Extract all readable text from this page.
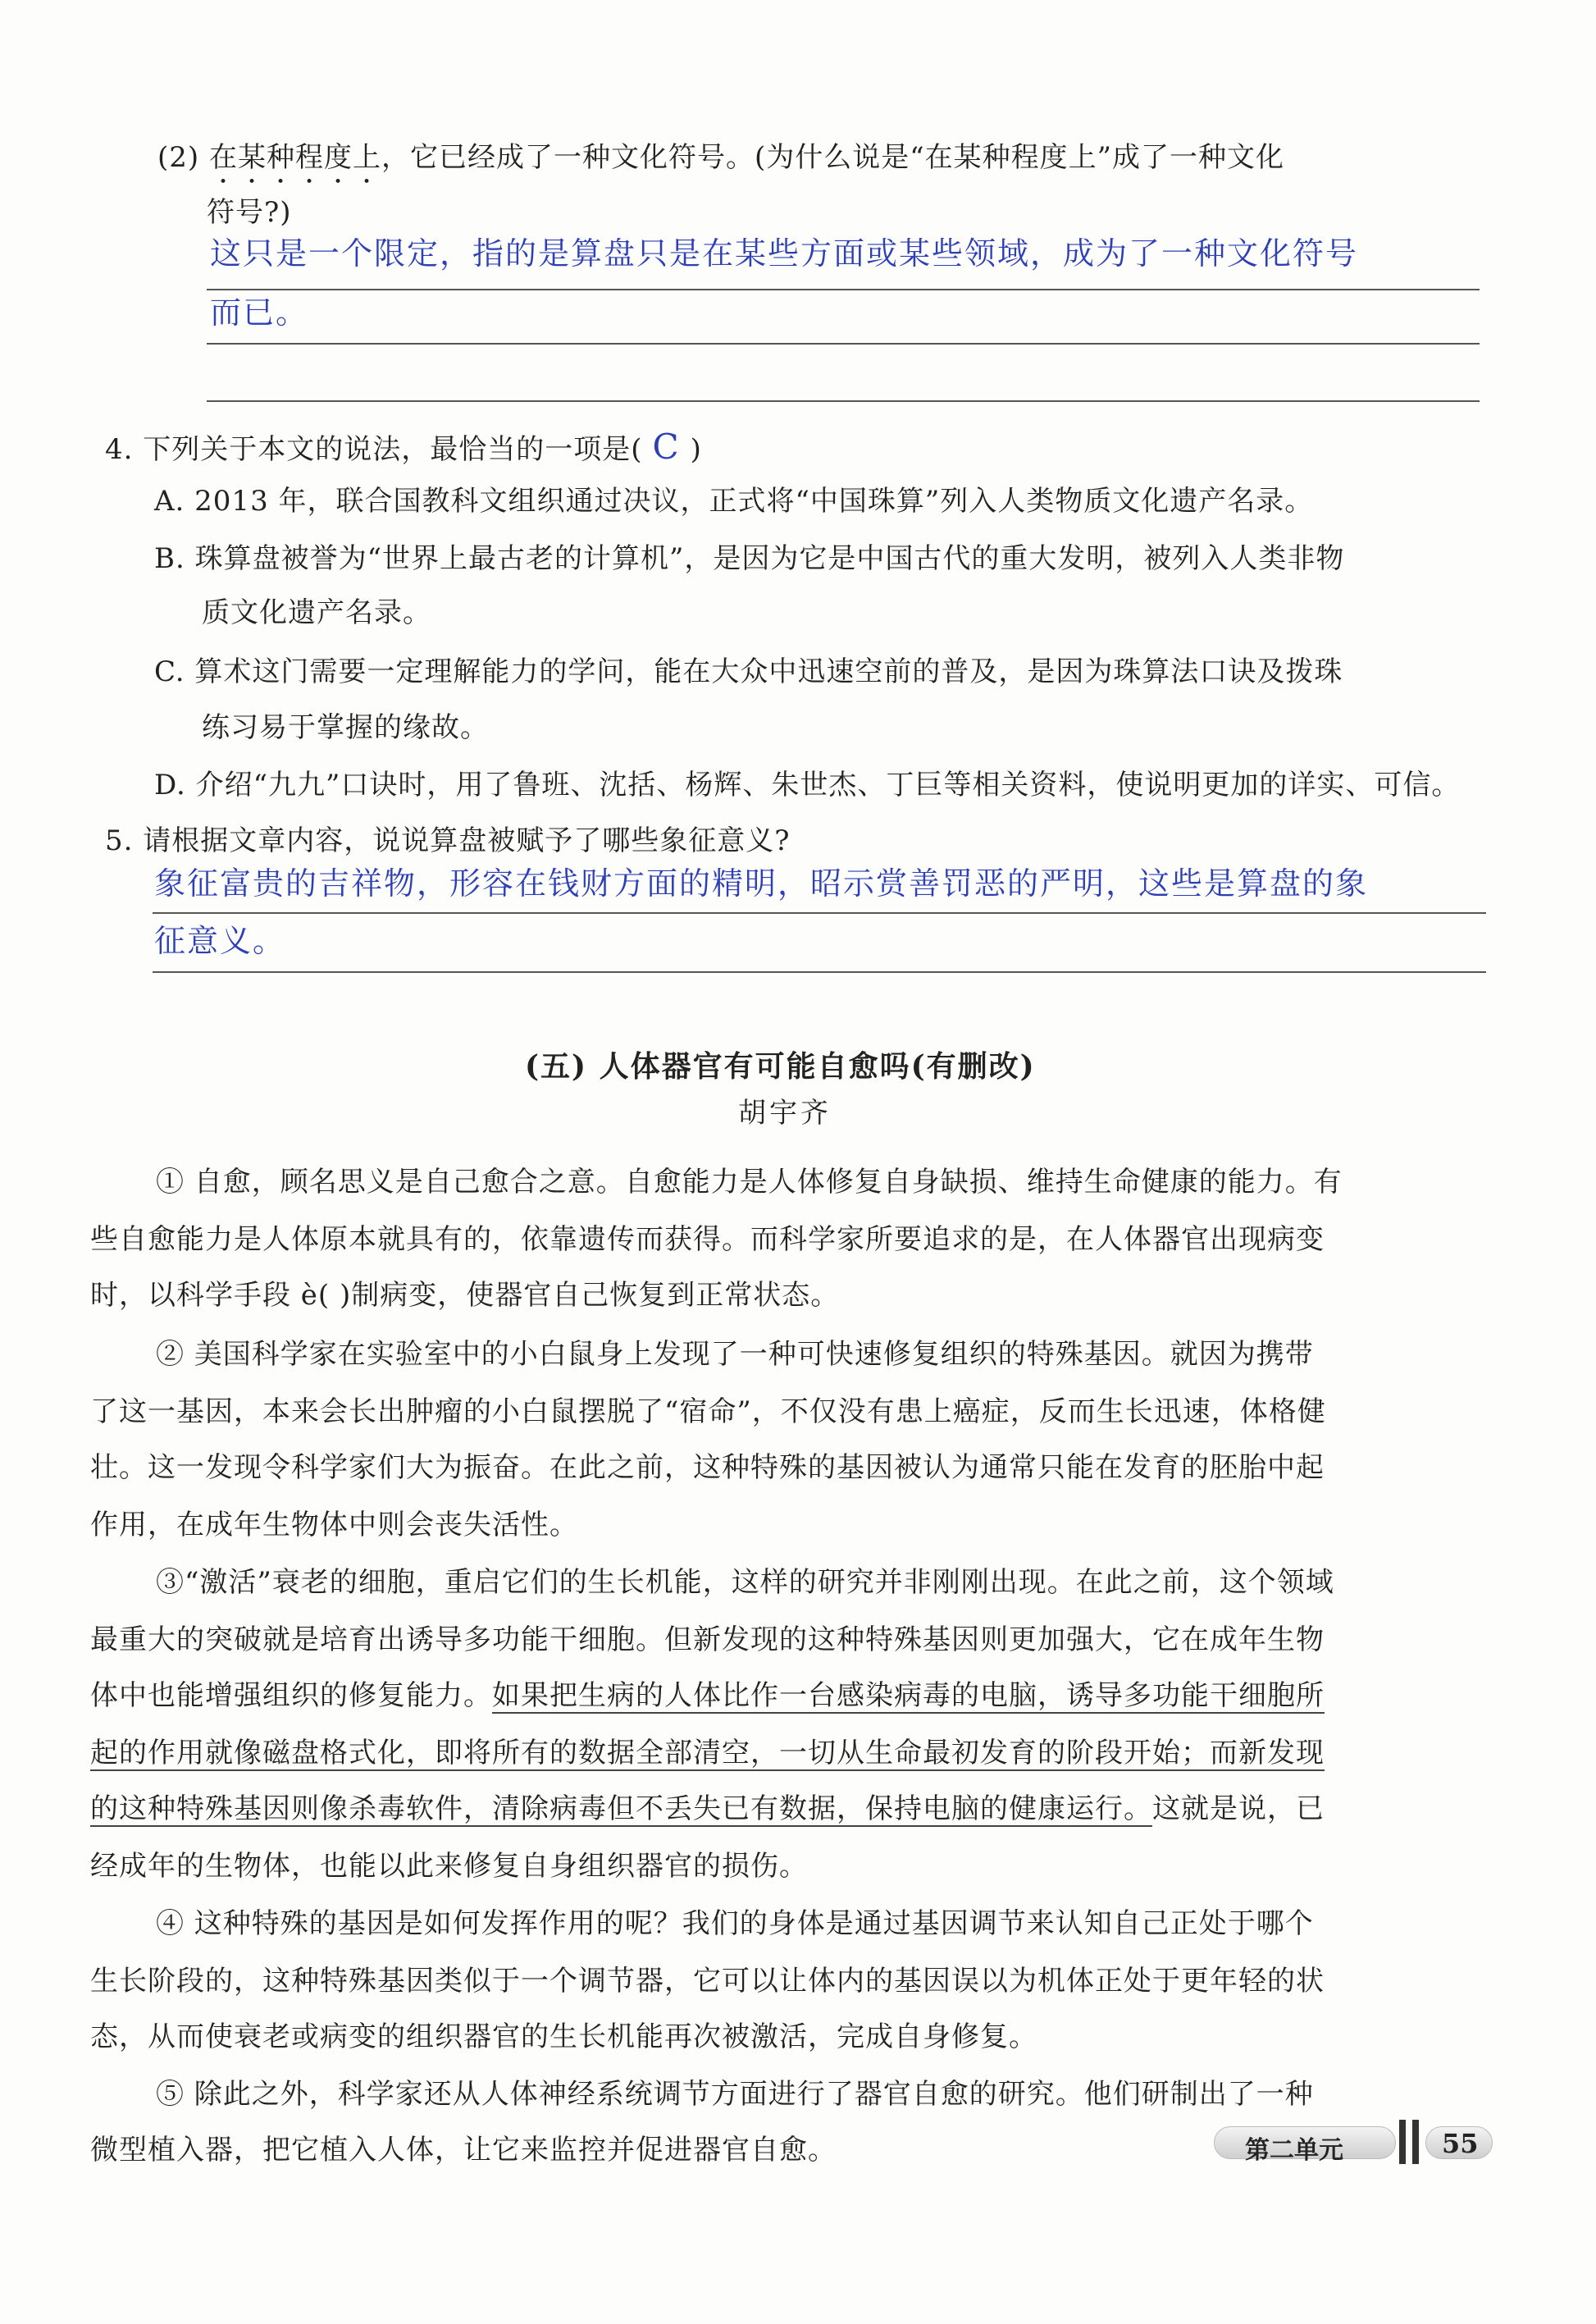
(2) 在某种程度上，它已经成了一种文化符号。(为什么说是“在某种程度上”成了一种文化
符号?)
这只是一个限定，指的是算盘只是在某些方面或某些领域，成为了一种文化符号
而已。
4. 下列关于本文的说法，最恰当的一项是( C )
A. 2013 年，联合国教科文组织通过决议，正式将“中国珠算”列入人类物质文化遗产名录。
B. 珠算盘被誉为“世界上最古老的计算机”，是因为它是中国古代的重大发明，被列入人类非物
质文化遗产名录。
C. 算术这门需要一定理解能力的学问，能在大众中迅速空前的普及，是因为珠算法口诀及拨珠
练习易于掌握的缘故。
D. 介绍“九九”口诀时，用了鲁班、沈括、杨辉、朱世杰、丁巨等相关资料，使说明更加的详实、可信。
5. 请根据文章内容，说说算盘被赋予了哪些象征意义?
象征富贵的吉祥物，形容在钱财方面的精明，昭示赏善罚恶的严明，这些是算盘的象
征意义。
(五) 人体器官有可能自愈吗(有删改)
胡宇齐
① 自愈，顾名思义是自己愈合之意。自愈能力是人体修复自身缺损、维持生命健康的能力。有
些自愈能力是人体原本就具有的，依靠遗传而获得。而科学家所要追求的是，在人体器官出现病变
时，以科学手段 è( )制病变，使器官自己恢复到正常状态。
② 美国科学家在实验室中的小白鼠身上发现了一种可快速修复组织的特殊基因。就因为携带
了这一基因，本来会长出肿瘤的小白鼠摆脱了“宿命”，不仅没有患上癌症，反而生长迅速，体格健
壮。这一发现令科学家们大为振奋。在此之前，这种特殊的基因被认为通常只能在发育的胚胎中起
作用，在成年生物体中则会丧失活性。
③“激活”衰老的细胞，重启它们的生长机能，这样的研究并非刚刚出现。在此之前，这个领域
最重大的突破就是培育出诱导多功能干细胞。但新发现的这种特殊基因则更加强大，它在成年生物
体中也能增强组织的修复能力。如果把生病的人体比作一台感染病毒的电脑，诱导多功能干细胞所
起的作用就像磁盘格式化，即将所有的数据全部清空，一切从生命最初发育的阶段开始；而新发现
的这种特殊基因则像杀毒软件，清除病毒但不丢失已有数据，保持电脑的健康运行。这就是说，已
经成年的生物体，也能以此来修复自身组织器官的损伤。
④ 这种特殊的基因是如何发挥作用的呢？我们的身体是通过基因调节来认知自己正处于哪个
生长阶段的，这种特殊基因类似于一个调节器，它可以让体内的基因误以为机体正处于更年轻的状
态，从而使衰老或病变的组织器官的生长机能再次被激活，完成自身修复。
⑤ 除此之外，科学家还从人体神经系统调节方面进行了器官自愈的研究。他们研制出了一种
微型植入器，把它植入人体，让它来监控并促进器官自愈。	第二单元	55
